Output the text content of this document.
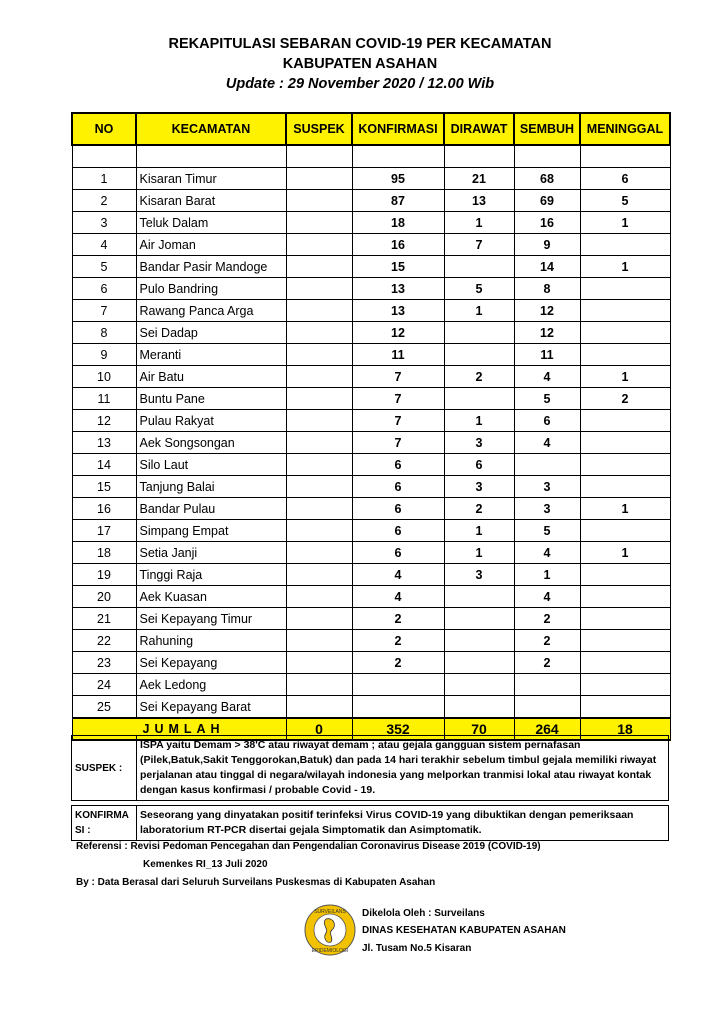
REKAPITULASI SEBARAN COVID-19 PER KECAMATAN
KABUPATEN ASAHAN
Update : 29 November 2020 / 12.00 Wib
NO	KECAMATAN	SUSPEK	KONFIRMASI	DIRAWAT	SEMBUH	MENINGGAL

1	Kisaran Timur		95	21	68	6
2	Kisaran Barat		87	13	69	5
3	Teluk Dalam		18	1	16	1
4	Air Joman		16	7	9	
5	Bandar Pasir Mandoge		15		14	1
6	Pulo Bandring		13	5	8	
7	Rawang Panca Arga		13	1	12	
8	Sei Dadap		12		12	
9	Meranti		11		11	
10	Air Batu		7	2	4	1
11	Buntu Pane		7		5	2
12	Pulau Rakyat		7	1	6	
13	Aek Songsongan		7	3	4	
14	Silo Laut		6	6		
15	Tanjung Balai		6	3	3	
16	Bandar Pulau		6	2	3	1
17	Simpang Empat		6	1	5	
18	Setia Janji		6	1	4	1
19	Tinggi Raja		4	3	1	
20	Aek Kuasan		4		4	
21	Sei Kepayang Timur		2		2	
22	Rahuning		2		2	
23	Sei Kepayang		2		2	
24	Aek Ledong					
25	Sei Kepayang Barat					
JUMLAH		0	352	70	264	18
SUSPEK :	ISPA yaitu Demam > 38'C atau riwayat demam ; atau gejala gangguan sistem pernafasan (Pilek,Batuk,Sakit Tenggorokan,Batuk) dan pada 14 hari terakhir sebelum timbul gejala memiliki riwayat perjalanan atau tinggal di negara/wilayah indonesia yang melporkan tranmisi lokal atau riwayat kontak dengan kasus konfirmasi / probable Covid - 19.

KONFIRMA SI :	Seseorang yang dinyatakan positif terinfeksi Virus COVID-19 yang dibuktikan dengan pemeriksaan laboratorium RT-PCR disertai gejala Simptomatik dan Asimptomatik.
Referensi : Revisi Pedoman Pencegahan dan Pengendalian Coronavirus Disease 2019 (COVID-19)
Kemenkes RI_13 Juli 2020
By : Data Berasal dari Seluruh Surveilans Puskesmas di Kabupaten Asahan
SURVEILANS
EPIDEMIOLOGI
Dikelola Oleh : Surveilans
DINAS KESEHATAN KABUPATEN ASAHAN
Jl. Tusam No.5 Kisaran
